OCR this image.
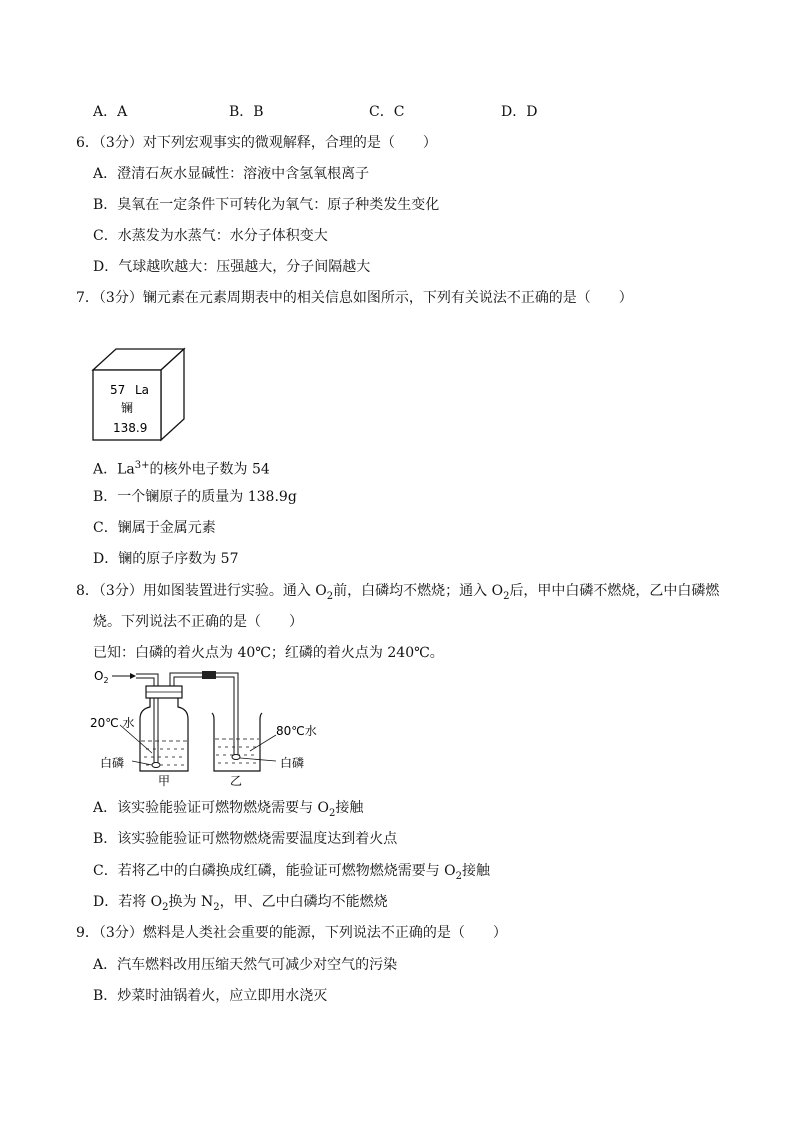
A．A	B．B	C．C	D．D
6．（3分）对下列宏观事实的微观解释，合理的是（　　）
A．澄清石灰水显碱性：溶液中含氢氧根离子
B．臭氧在一定条件下可转化为氧气：原子种类发生变化
C．水蒸发为水蒸气：水分子体积变大
D．气球越吹越大：压强越大，分子间隔越大
7．（3分）镧元素在元素周期表中的相关信息如图所示，下列有关说法不正确的是（　　）
57 La
镧
138.9
A．$La^{3+}$的核外电子数为 54
B．一个镧原子的质量为 138.9g
C．镧属于金属元素
D．镧的原子序数为 57
8．（3分）用如图装置进行实验。通入 $O_2$前，白磷均不燃烧；通入 $O_2$后，甲中白磷不燃烧，乙中白磷燃
烧。下列说法不正确的是（　　）
已知：白磷的着火点为 40℃；红磷的着火点为 240℃。
$O_2$
20℃ 水
白磷
甲
80℃水
白磷
乙
A．该实验能验证可燃物燃烧需要与 $O_2$接触
B．该实验能验证可燃物燃烧需要温度达到着火点
C．若将乙中的白磷换成红磷，能验证可燃物燃烧需要与 $O_2$接触
D．若将 $O_2$换为 $N_2$，甲、乙中白磷均不能燃烧
9．（3分）燃料是人类社会重要的能源，下列说法不正确的是（　　）
A．汽车燃料改用压缩天然气可减少对空气的污染
B．炒菜时油锅着火，应立即用水浇灭
